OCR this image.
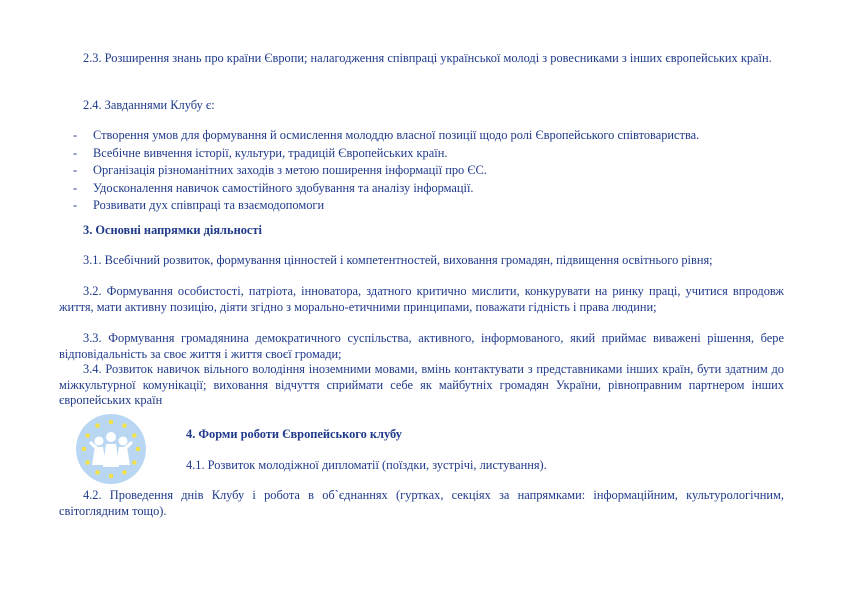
2.3. Розширення знань про країни Європи; налагодження співпраці української молоді з ровесниками з інших європейських країн.

2.4. Завданнями Клубу є:

- Створення умов для формування й осмислення молоддю власної позиції щодо ролі Європейського співтовариства.
- Всебічне вивчення історії, культури, традицій Європейських країн.
- Організація різноманітних заходів з метою поширення інформації про ЄС.
- Удосконалення навичок самостійного здобування та аналізу інформації.
- Розвивати дух співпраці та взаємодопомоги

3. Основні напрямки діяльності

3.1. Всебічний розвиток, формування цінностей і компетентностей, виховання громадян, підвищення освітнього рівня;

3.2. Формування особистості, патріота, інноватора, здатного критично мислити, конкурувати на ринку праці, учитися впродовж життя, мати активну позицію, діяти згідно з морально-етичними принципами, поважати гідність і права людини;

3.3. Формування громадянина демократичного суспільства, активного, інформованого, який приймає виважені рішення, бере відповідальність за своє життя і життя своєї громади;

3.4. Розвиток навичок вільного володіння іноземними мовами, вмінь контактувати з представниками інших країн, бути здатним до міжкультурної комунікації; виховання відчуття сприймати себе як майбутніх громадян України, рівноправним партнером інших європейських країн

4. Форми роботи Європейського клубу

4.1. Розвиток молодіжної дипломатії (поїздки, зустрічі, листування).

4.2. Проведення днів Клубу і робота в об`єднаннях (гуртках, секціях за напрямками: інформаційним, культурологічним, світоглядним тощо).
